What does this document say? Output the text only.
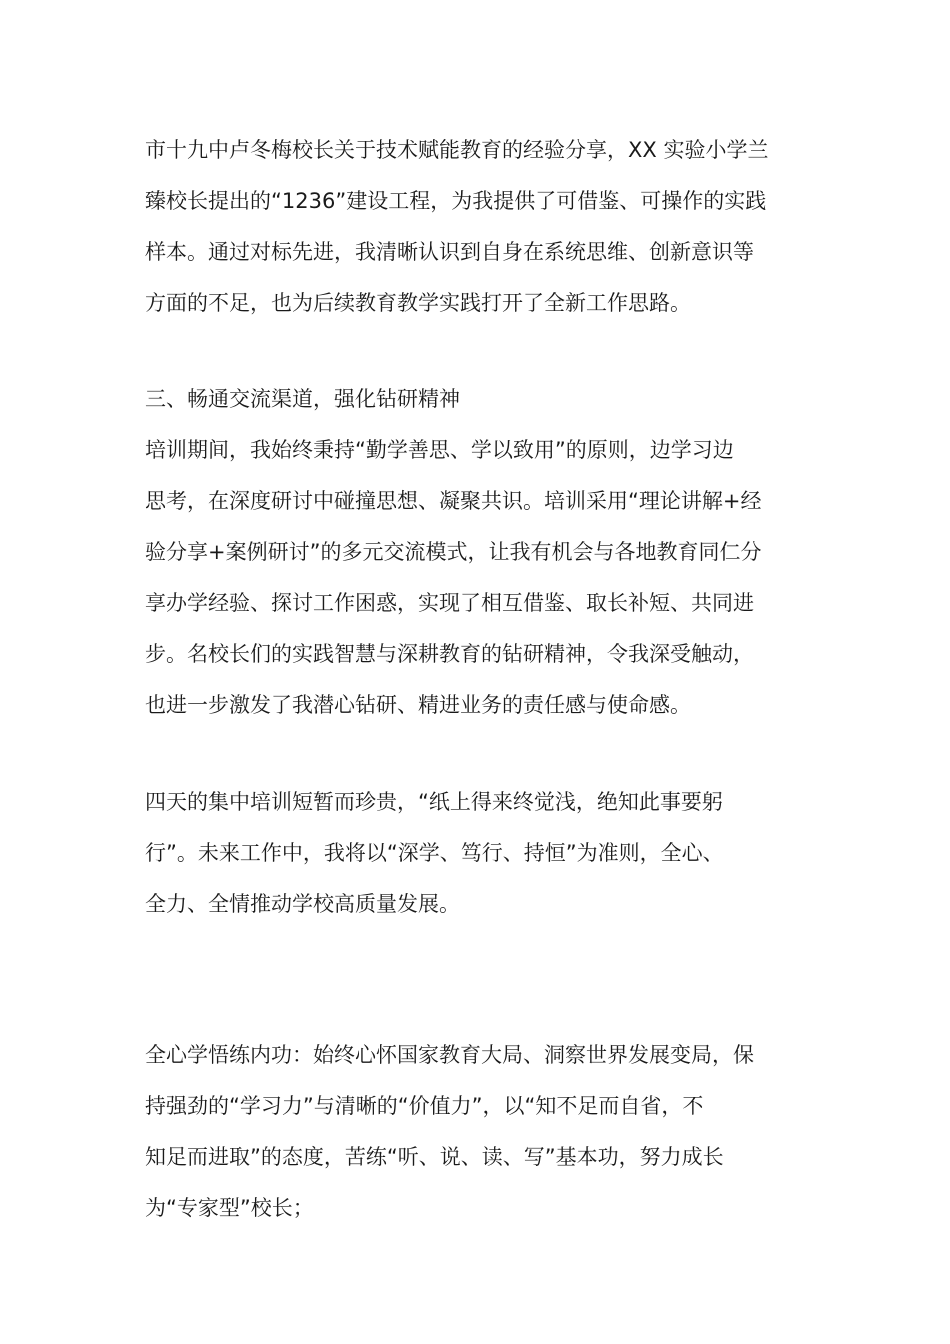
市十九中卢冬梅校长关于技术赋能教育的经验分享，XX 实验小学兰
臻校长提出的“1236”建设工程，为我提供了可借鉴、可操作的实践
样本。通过对标先进，我清晰认识到自身在系统思维、创新意识等
方面的不足，也为后续教育教学实践打开了全新工作思路。
三、畅通交流渠道，强化钻研精神
培训期间，我始终秉持“勤学善思、学以致用”的原则，边学习边
思考，在深度研讨中碰撞思想、凝聚共识。培训采用“理论讲解+经
验分享+案例研讨”的多元交流模式，让我有机会与各地教育同仁分
享办学经验、探讨工作困惑，实现了相互借鉴、取长补短、共同进
步。名校长们的实践智慧与深耕教育的钻研精神，令我深受触动，
也进一步激发了我潜心钻研、精进业务的责任感与使命感。
四天的集中培训短暂而珍贵，“纸上得来终觉浅，绝知此事要躬
行”。未来工作中，我将以“深学、笃行、持恒”为准则，全心、
全力、全情推动学校高质量发展。
全心学悟练内功：始终心怀国家教育大局、洞察世界发展变局，保
持强劲的“学习力”与清晰的“价值力”，以“知不足而自省，不
知足而进取”的态度，苦练“听、说、读、写”基本功，努力成长
为“专家型”校长；
